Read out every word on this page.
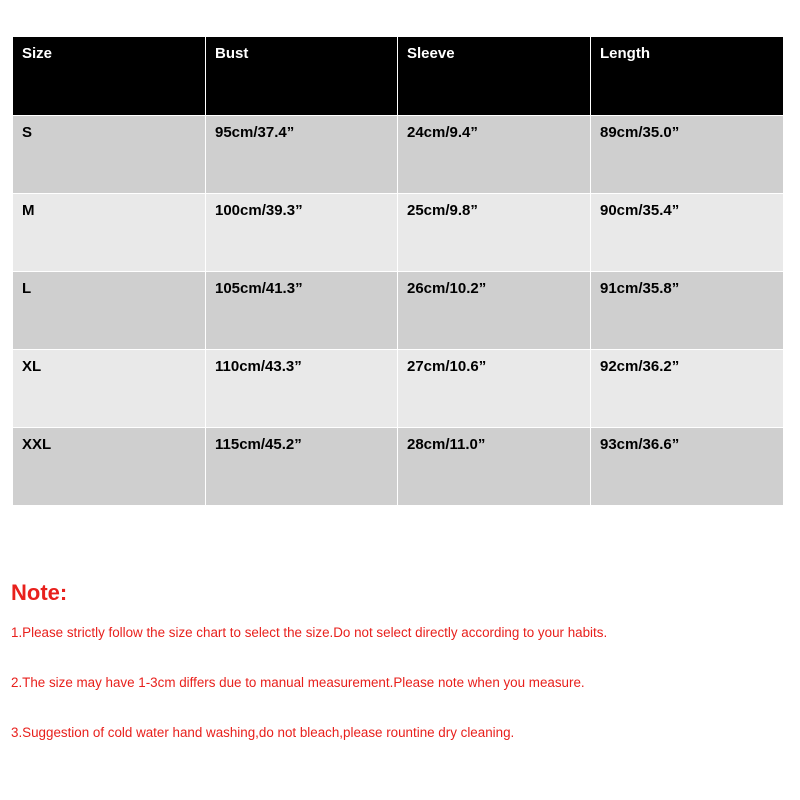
Size	Bust	Sleeve	Length
S	95cm/37.4”	24cm/9.4”	89cm/35.0”
M	100cm/39.3”	25cm/9.8”	90cm/35.4”
L	105cm/41.3”	26cm/10.2”	91cm/35.8”
XL	110cm/43.3”	27cm/10.6”	92cm/36.2”
XXL	115cm/45.2”	28cm/11.0”	93cm/36.6”
Note:

1.Please strictly follow the size chart to select the size.Do not select directly according to your habits.

2.The size may have 1-3cm differs due to manual measurement.Please note when you measure.

3.Suggestion of cold water hand washing,do not bleach,please rountine dry cleaning.
